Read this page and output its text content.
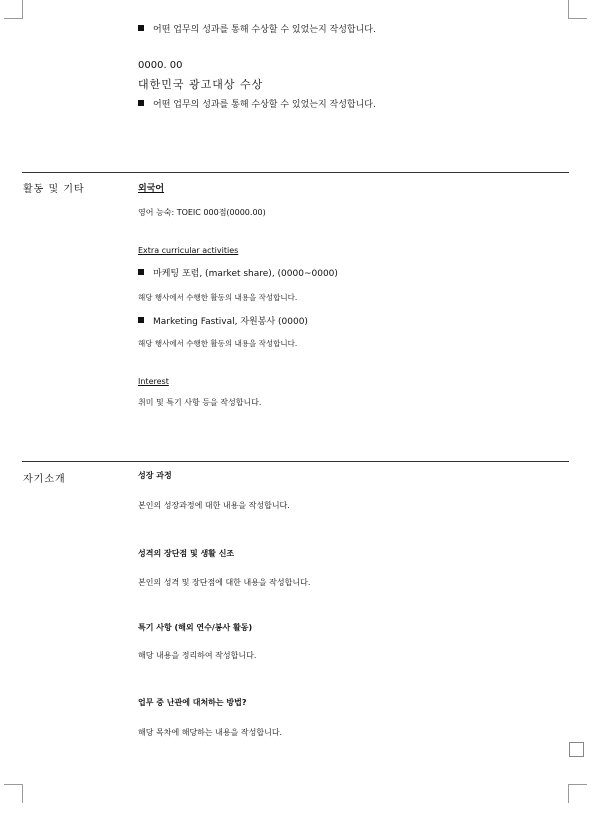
어떤 업무의 성과를 통해 수상할 수 있었는지 작성합니다.
0000. 00
대한민국 광고대상 수상
어떤 업무의 성과를 통해 수상할 수 있었는지 작성합니다.
활동 및 기타	외국어
영어 능숙: TOEIC 000점(0000.00)
Extra curricular activities
마케팅 포럼, (market share), (0000~0000)
해당 행사에서 수행한 활동의 내용을 작성합니다.
Marketing Fastival, 자원봉사 (0000)
해당 행사에서 수행한 활동의 내용을 작성합니다.
Interest
취미 및 특기 사항 등을 작성합니다.
자기소개	성장 과정
본인의 성장과정에 대한 내용을 작성합니다.
성격의 장단점 및 생활 신조
본인의 성격 및 장단점에 대한 내용을 작성합니다.
특기 사항 (해외 연수/봉사 활동)
해당 내용을 정리하여 작성합니다.
업무 중 난관에 대처하는 방법?
해당 목차에 해당하는 내용을 작성합니다.
